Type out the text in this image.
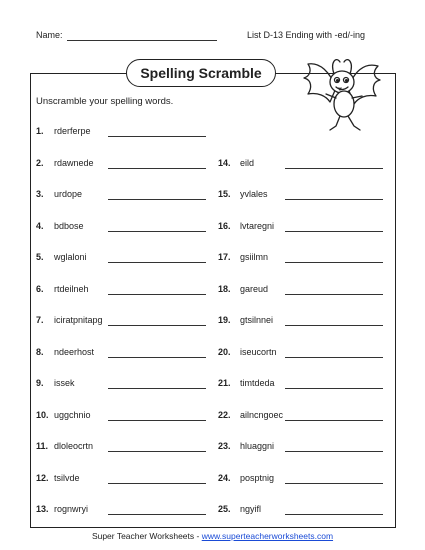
Name:	List D-13 Ending with -ed/-ing
Spelling Scramble
Unscramble your spelling words.
1. rderferpe
2. rdawnede
3. urdope
4. bdbose
5. wglaloni
6. rtdeilneh
7. iciratpnitapg
8. ndeerhost
9. issek
10. uggchnio
11. dloleocrtn
12. tsilvde
13. rognwryi
14. eild
15. yvlales
16. lvtaregni
17. gsiilmn
18. gareud
19. gtsilnnei
20. iseucortn
21. timtdeda
22. ailncngoec
23. hluaggni
24. posptnig
25. ngyifl
Super Teacher Worksheets - www.superteacherworksheets.com
